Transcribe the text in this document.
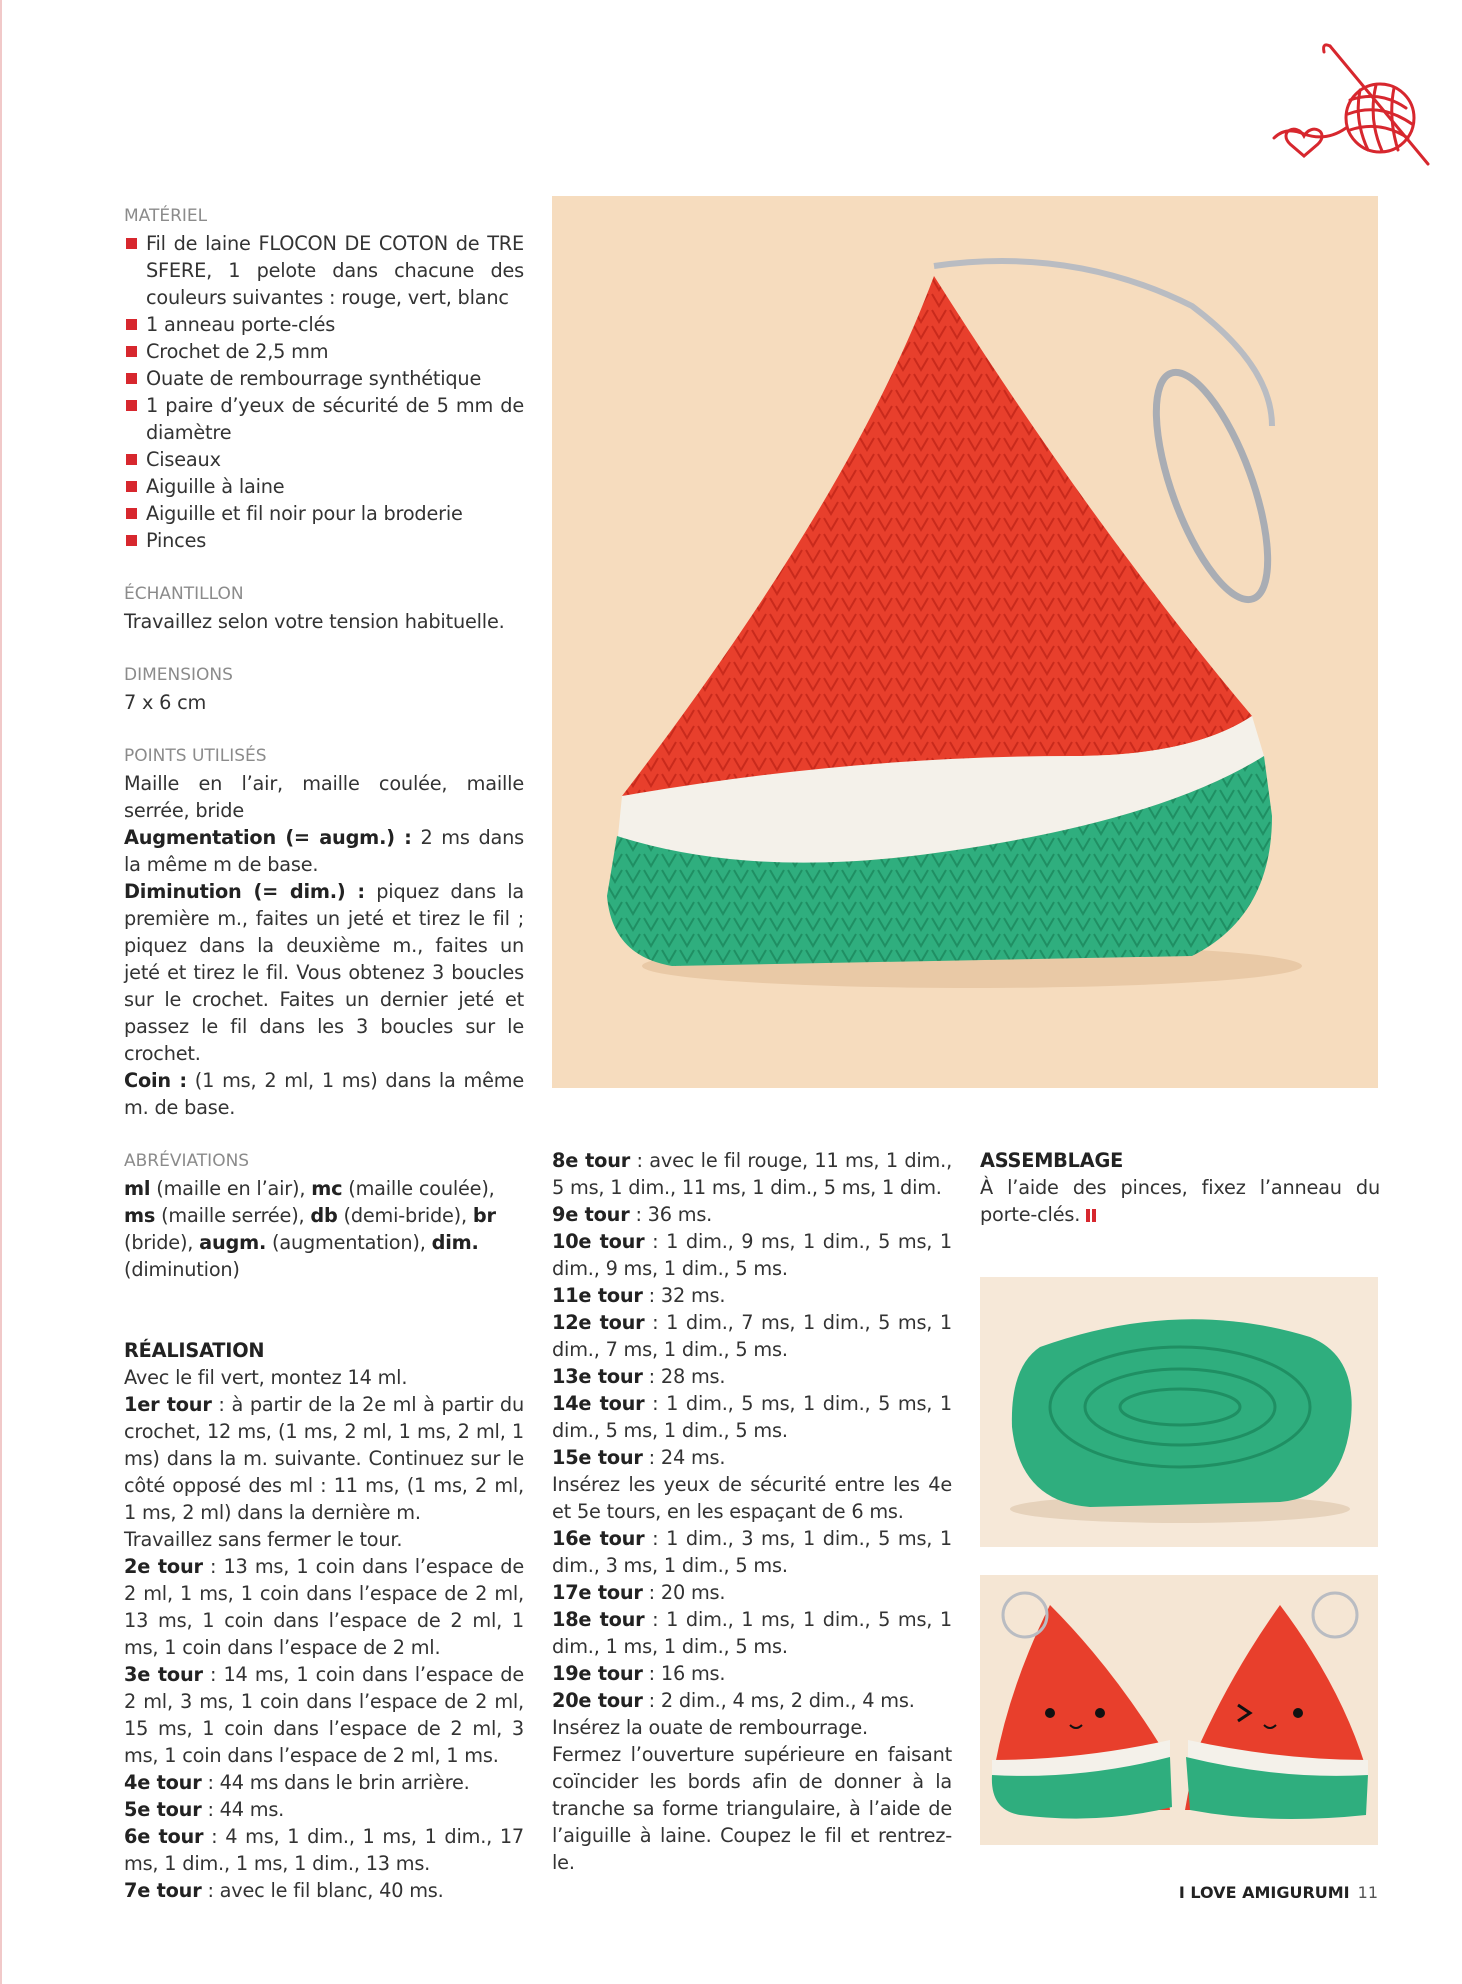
MATÉRIEL

Fil de laine FLOCON DE COTON de TRE SFERE, 1 pelote dans chacune des couleurs suivantes : rouge, vert, blanc
1 anneau porte-clés
Crochet de 2,5 mm
Ouate de rembourrage synthétique
1 paire d’yeux de sécurité de 5 mm de diamètre
Ciseaux
Aiguille à laine
Aiguille et fil noir pour la broderie
Pinces

ÉCHANTILLON

Travaillez selon votre tension habituelle.

DIMENSIONS

7 x 6 cm

POINTS UTILISÉS

Maille en l’air, maille coulée, maille serrée, bride

Augmentation (= augm.) : 2 ms dans la même m de base.

Diminution (= dim.) : piquez dans la première m., faites un jeté et tirez le fil ; piquez dans la deuxième m., faites un jeté et tirez le fil. Vous obtenez 3 boucles sur le crochet. Faites un dernier jeté et passez le fil dans les 3 boucles sur le crochet.

Coin : (1 ms, 2 ml, 1 ms) dans la même m. de base.

ABRÉVIATIONS

ml (maille en l’air), mc (maille coulée), ms (maille serrée), db (demi-bride), br (bride), augm. (augmentation), dim. (diminution)

RÉALISATION

Avec le fil vert, montez 14 ml.

1er tour : à partir de la 2e ml à partir du crochet, 12 ms, (1 ms, 2 ml, 1 ms, 2 ml, 1 ms) dans la m. suivante. Continuez sur le côté opposé des ml : 11 ms, (1 ms, 2 ml, 1 ms, 2 ml) dans la dernière m.

Travaillez sans fermer le tour.

2e tour : 13 ms, 1 coin dans l’espace de 2 ml, 1 ms, 1 coin dans l’espace de 2 ml, 13 ms, 1 coin dans l’espace de 2 ml, 1 ms, 1 coin dans l’espace de 2 ml.

3e tour : 14 ms, 1 coin dans l’espace de 2 ml, 3 ms, 1 coin dans l’espace de 2 ml, 15 ms, 1 coin dans l’espace de 2 ml, 3 ms, 1 coin dans l’espace de 2 ml, 1 ms.

4e tour : 44 ms dans le brin arrière.

5e tour : 44 ms.

6e tour : 4 ms, 1 dim., 1 ms, 1 dim., 17 ms, 1 dim., 1 ms, 1 dim., 13 ms.

7e tour : avec le fil blanc, 40 ms.

8e tour : avec le fil rouge, 11 ms, 1 dim., 5 ms, 1 dim., 11 ms, 1 dim., 5 ms, 1 dim.

9e tour : 36 ms.

10e tour : 1 dim., 9 ms, 1 dim., 5 ms, 1 dim., 9 ms, 1 dim., 5 ms.

11e tour : 32 ms.

12e tour : 1 dim., 7 ms, 1 dim., 5 ms, 1 dim., 7 ms, 1 dim., 5 ms.

13e tour : 28 ms.

14e tour : 1 dim., 5 ms, 1 dim., 5 ms, 1 dim., 5 ms, 1 dim., 5 ms.

15e tour : 24 ms.

Insérez les yeux de sécurité entre les 4e et 5e tours, en les espaçant de 6 ms.

16e tour : 1 dim., 3 ms, 1 dim., 5 ms, 1 dim., 3 ms, 1 dim., 5 ms.

17e tour : 20 ms.

18e tour : 1 dim., 1 ms, 1 dim., 5 ms, 1 dim., 1 ms, 1 dim., 5 ms.

19e tour : 16 ms.

20e tour : 2 dim., 4 ms, 2 dim., 4 ms.

Insérez la ouate de rembourrage.

Fermez l’ouverture supérieure en faisant coïncider les bords afin de donner à la tranche sa forme triangulaire, à l’aide de l’aiguille à laine. Coupez le fil et rentrez-le.

ASSEMBLAGE

À l’aide des pinces, fixez l’anneau du porte-clés.

I LOVE AMIGURUMI 11
